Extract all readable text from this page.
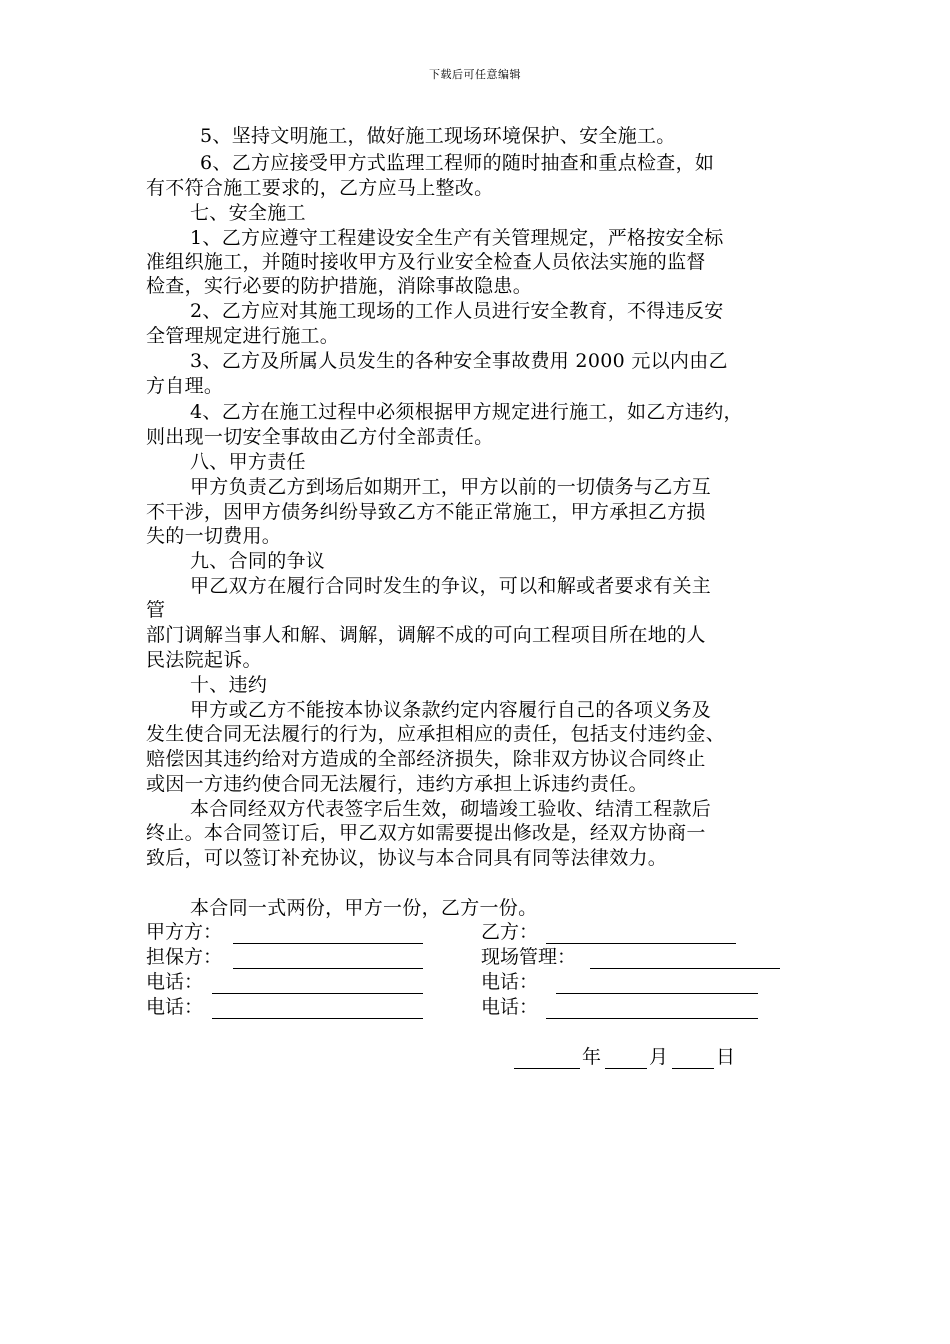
下载后可任意编辑
5、坚持文明施工，做好施工现场环境保护、安全施工。
6、乙方应接受甲方式监理工程师的随时抽查和重点检查，如
有不符合施工要求的，乙方应马上整改。
七、安全施工
1、乙方应遵守工程建设安全生产有关管理规定，严格按安全标
准组织施工，并随时接收甲方及行业安全检查人员依法实施的监督
检查，实行必要的防护措施，消除事故隐患。
2、乙方应对其施工现场的工作人员进行安全教育，不得违反安
全管理规定进行施工。
3、乙方及所属人员发生的各种安全事故费用 2000 元以内由乙
方自理。
4、乙方在施工过程中必须根据甲方规定进行施工，如乙方违约，
则出现一切安全事故由乙方付全部责任。
八、甲方责任
甲方负责乙方到场后如期开工，甲方以前的一切债务与乙方互
不干涉，因甲方债务纠纷导致乙方不能正常施工，甲方承担乙方损
失的一切费用。
九、合同的争议
甲乙双方在履行合同时发生的争议，可以和解或者要求有关主
管
部门调解当事人和解、调解，调解不成的可向工程项目所在地的人
民法院起诉。
十、违约
甲方或乙方不能按本协议条款约定内容履行自己的各项义务及
发生使合同无法履行的行为，应承担相应的责任，包括支付违约金、
赔偿因其违约给对方造成的全部经济损失，除非双方协议合同终止
或因一方违约使合同无法履行，违约方承担上诉违约责任。
本合同经双方代表签字后生效，砌墙竣工验收、结清工程款后
终止。本合同签订后，甲乙双方如需要提出修改是，经双方协商一
致后，可以签订补充协议，协议与本合同具有同等法律效力。
本合同一式两份，甲方一份，乙方一份。
甲方方：	乙方：
担保方：	现场管理：
电话：	电话：
电话：	电话：
年	月	日
